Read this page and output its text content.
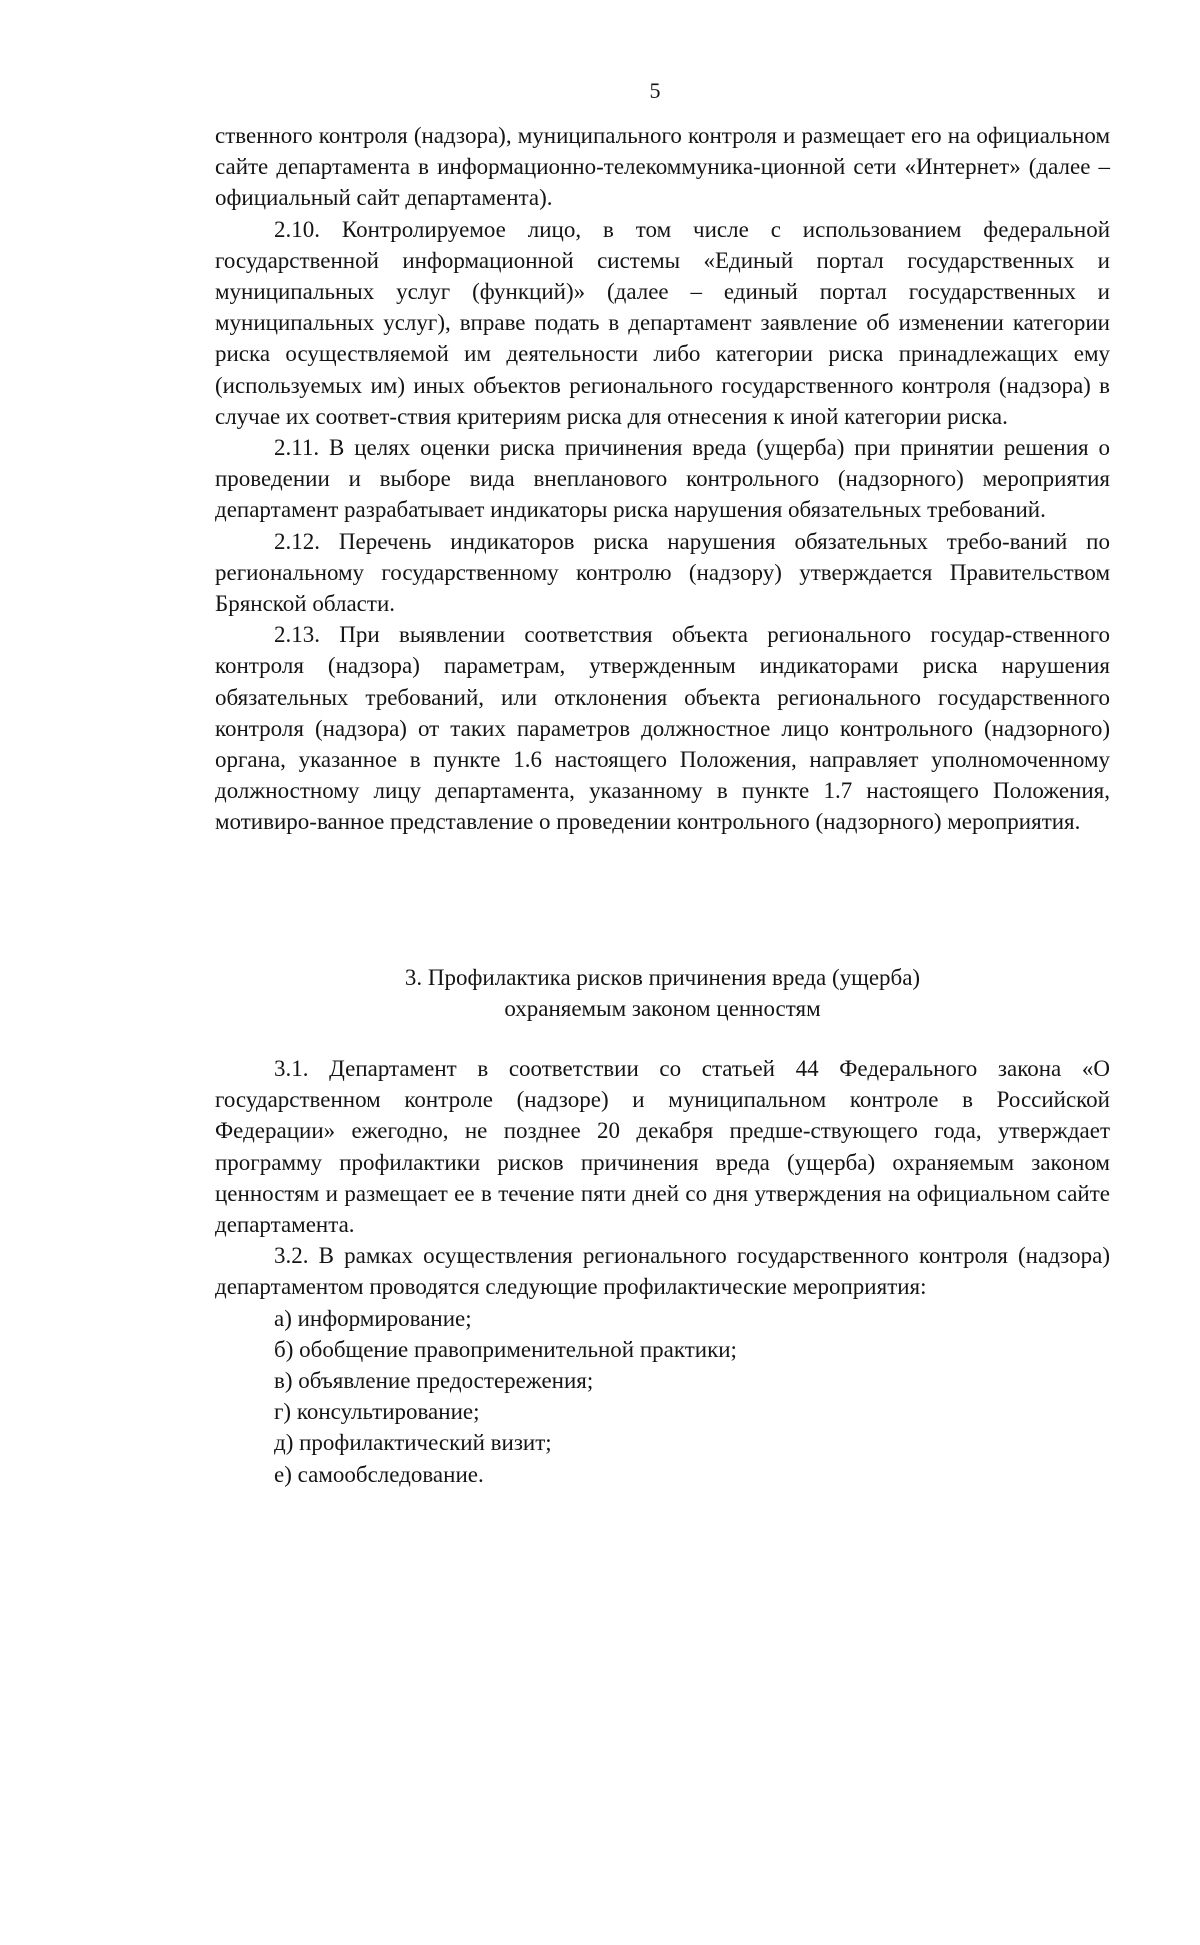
5

ственного контроля (надзора), муниципального контроля и размещает его на официальном сайте департамента в информационно-телекоммуника-ционной сети «Интернет» (далее – официальный сайт департамента).

2.10. Контролируемое лицо, в том числе с использованием федеральной государственной информационной системы «Единый портал государственных и муниципальных услуг (функций)» (далее – единый портал государственных и муниципальных услуг), вправе подать в департамент заявление об изменении категории риска осуществляемой им деятельности либо категории риска принадлежащих ему (используемых им) иных объектов регионального государственного контроля (надзора) в случае их соответ-ствия критериям риска для отнесения к иной категории риска.

2.11. В целях оценки риска причинения вреда (ущерба) при принятии решения о проведении и выборе вида внепланового контрольного (надзорного) мероприятия департамент разрабатывает индикаторы риска нарушения обязательных требований.

2.12. Перечень индикаторов риска нарушения обязательных требо-ваний по региональному государственному контролю (надзору) утверждается Правительством Брянской области.

2.13. При выявлении соответствия объекта регионального государ-ственного контроля (надзора) параметрам, утвержденным индикаторами риска нарушения обязательных требований, или отклонения объекта регионального государственного контроля (надзора) от таких параметров должностное лицо контрольного (надзорного) органа, указанное в пункте 1.6 настоящего Положения, направляет уполномоченному должностному лицу департамента, указанному в пункте 1.7 настоящего Положения, мотивиро-ванное представление о проведении контрольного (надзорного) мероприятия.

3. Профилактика рисков причинения вреда (ущерба)
охраняемым законом ценностям

3.1. Департамент в соответствии со статьей 44 Федерального закона «О государственном контроле (надзоре) и муниципальном контроле в Российской Федерации» ежегодно, не позднее 20 декабря предше-ствующего года, утверждает программу профилактики рисков причинения вреда (ущерба) охраняемым законом ценностям и размещает ее в течение пяти дней со дня утверждения на официальном сайте департамента.

3.2. В рамках осуществления регионального государственного контроля (надзора) департаментом проводятся следующие профилактические мероприятия:

а) информирование;
б) обобщение правоприменительной практики;
в) объявление предостережения;
г) консультирование;
д) профилактический визит;
е) самообследование.
